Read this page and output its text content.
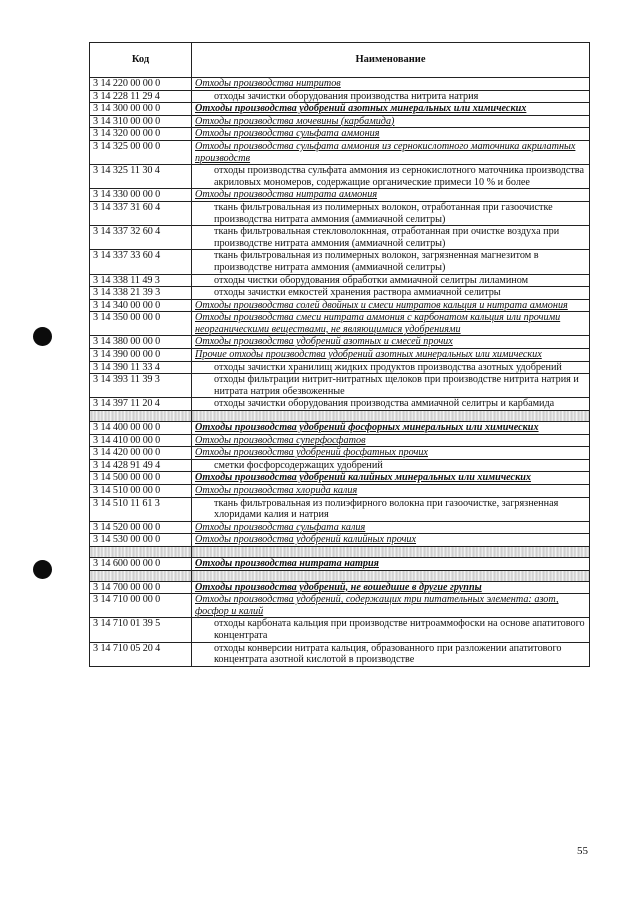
Код	Наименование
3 14 220 00 00 0	Отходы производства нитритов
3 14 228 11 29 4	отходы зачистки оборудования производства нитрита натрия
3 14 300 00 00 0	Отходы производства удобрений азотных минеральных или химических
3 14 310 00 00 0	Отходы производства мочевины (карбамида)
3 14 320 00 00 0	Отходы производства сульфата аммония
3 14 325 00 00 0	Отходы производства сульфата аммония из сернокислотного маточника акрилатных производств
3 14 325 11 30 4	отходы производства сульфата аммония из сернокислотного маточника производства акриловых мономеров, содержащие органические примеси 10 % и более
3 14 330 00 00 0	Отходы производства нитрата аммония
3 14 337 31 60 4	ткань фильтровальная из полимерных волокон, отработанная при газоочистке производства нитрата аммония (аммиачной селитры)
3 14 337 32 60 4	ткань фильтровальная стекловолокнная, отработанная при очистке воздуха при производстве нитрата аммония (аммиачной селитры)
3 14 337 33 60 4	ткань фильтровальная из полимерных волокон, загрязненная магнезитом в производстве нитрата аммония (аммиачной селитры)
3 14 338 11 49 3	отходы чистки оборудования обработки аммиачной селитры лиламином
3 14 338 21 39 3	отходы зачистки емкостей хранения раствора аммиачной селитры
3 14 340 00 00 0	Отходы производства солей двойных и смеси нитратов кальция и нитрата аммония
3 14 350 00 00 0	Отходы производства смеси нитрата аммония с карбонатом кальция или прочими неорганическими веществами, не являющимися удобрениями
3 14 380 00 00 0	Отходы производства удобрений азотных и смесей прочих
3 14 390 00 00 0	Прочие отходы производства удобрений азотных минеральных или химических
3 14 390 11 33 4	отходы зачистки хранилищ жидких продуктов производства азотных удобрений
3 14 393 11 39 3	отходы фильтрации нитрит-нитратных щелоков при производстве нитрита натрия и нитрата натрия обезвоженные
3 14 397 11 20 4	отходы зачистки оборудования производства аммиачной селитры и карбамида

3 14 400 00 00 0	Отходы производства удобрений фосфорных минеральных или химических
3 14 410 00 00 0	Отходы производства суперфосфатов
3 14 420 00 00 0	Отходы производства удобрений фосфатных прочих
3 14 428 91 49 4	сметки фосфорсодержащих удобрений
3 14 500 00 00 0	Отходы производства удобрений калийных минеральных или химических
3 14 510 00 00 0	Отходы производства хлорида калия
3 14 510 11 61 3	ткань фильтровальная из полиэфирного волокна при газоочистке, загрязненная хлоридами калия и натрия
3 14 520 00 00 0	Отходы производства сульфата калия
3 14 530 00 00 0	Отходы производства удобрений калийных прочих

3 14 600 00 00 0	Отходы производства нитрата натрия

3 14 700 00 00 0	Отходы производства удобрений, не вошедшие в другие группы
3 14 710 00 00 0	Отходы производства удобрений, содержащих три питательных элемента: азот, фосфор и калий
3 14 710 01 39 5	отходы карбоната кальция при производстве нитроаммофоски на основе апатитового концентрата
3 14 710 05 20 4	отходы конверсии нитрата кальция, образованного при разложении апатитового концентрата азотной кислотой в производстве
55
